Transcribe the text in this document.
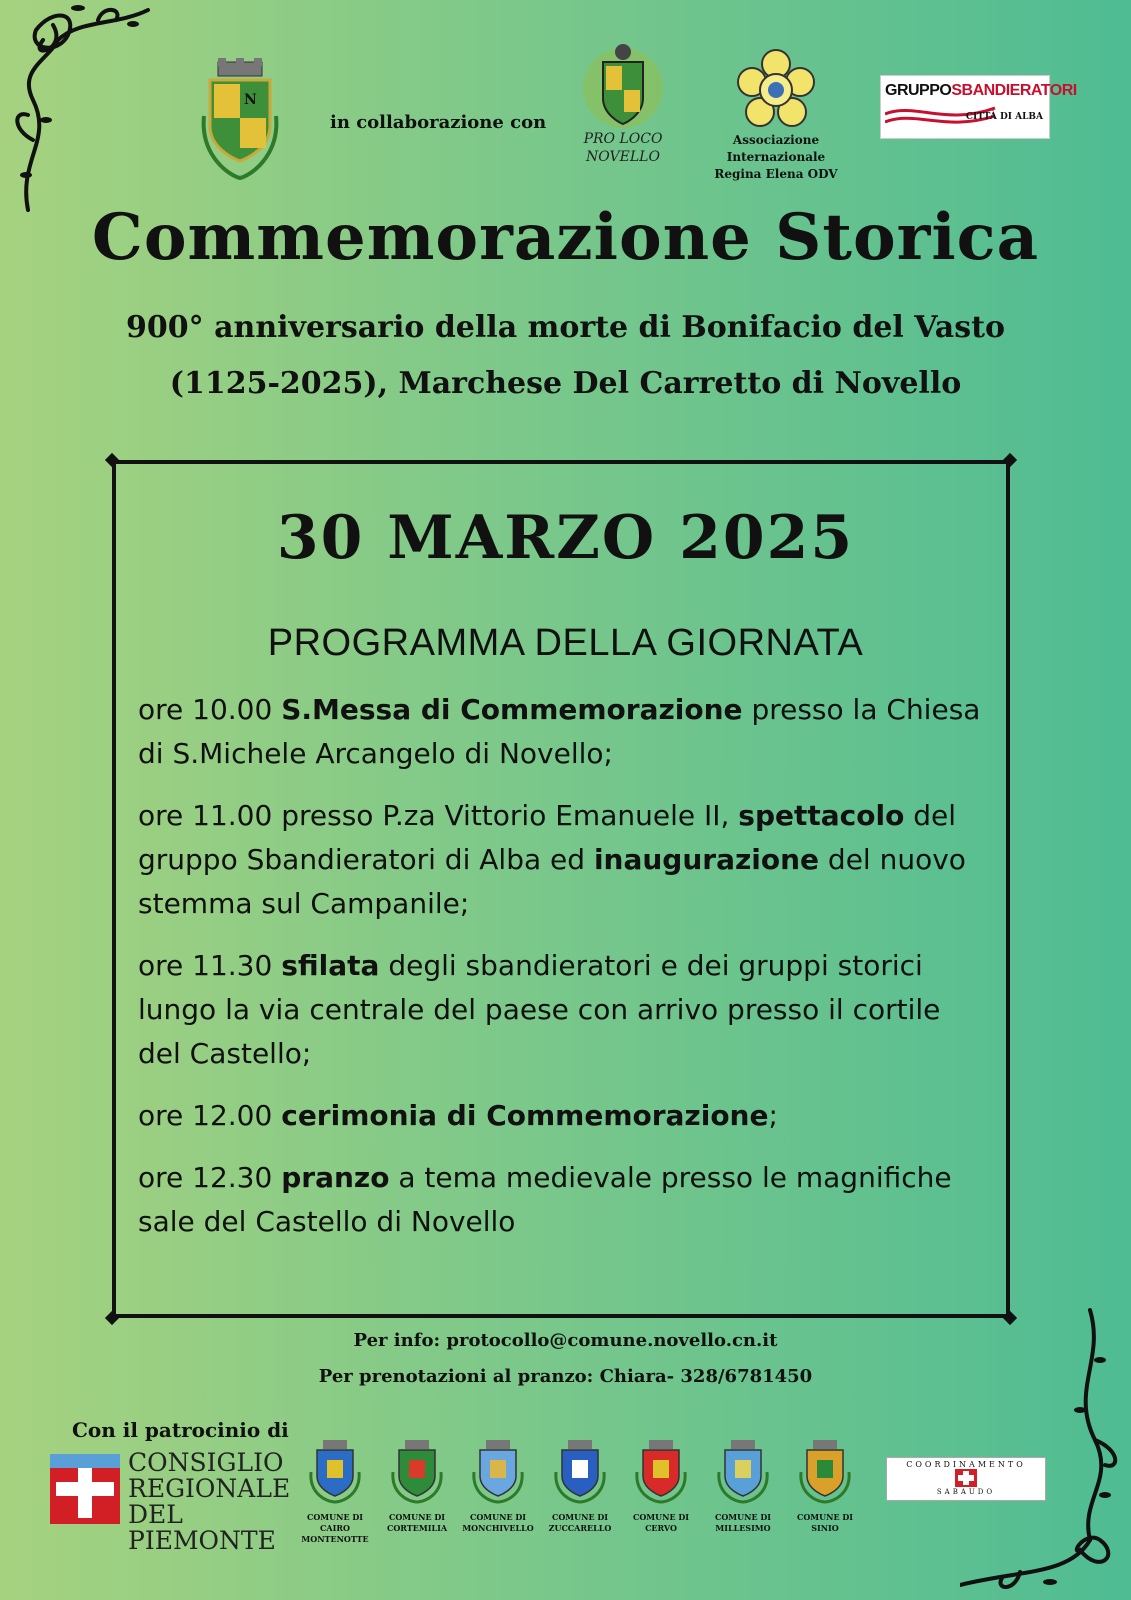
N
in collaborazione con
PRO LOCO
NOVELLO
Associazione Internazionale
Regina Elena ODV
GRUPPOSBANDIERATORI
CITTÀ DI ALBA
Commemorazione Storica
900° anniversario della morte di Bonifacio del Vasto
(1125-2025), Marchese Del Carretto di Novello
30 MARZO 2025
PROGRAMMA DELLA GIORNATA
ore 10.00 S.Messa di Commemorazione presso la Chiesa di S.Michele Arcangelo di Novello;
ore 11.00 presso P.za Vittorio Emanuele II, spettacolo del gruppo Sbandieratori di Alba ed inaugurazione del nuovo stemma sul Campanile;
ore 11.30 sfilata degli sbandieratori e dei gruppi storici lungo la via centrale del paese con arrivo presso il cortile del Castello;
ore 12.00 cerimonia di Commemorazione;
ore 12.30 pranzo a tema medievale presso le magnifiche sale del Castello di Novello
Per info: protocollo@comune.novello.cn.it
Per prenotazioni al pranzo: Chiara- 328/6781450
Con il patrocinio di
CONSIGLIO
REGIONALE
DEL PIEMONTE
COMUNE DI
CAIRO MONTENOTTE
COMUNE DI
CORTEMILIA
COMUNE DI
MONCHIVELLO
COMUNE DI
ZUCCARELLO
COMUNE DI
CERVO
COMUNE DI
MILLESIMO
COMUNE DI
SINIO
COORDINAMENTO
SABAUDO
